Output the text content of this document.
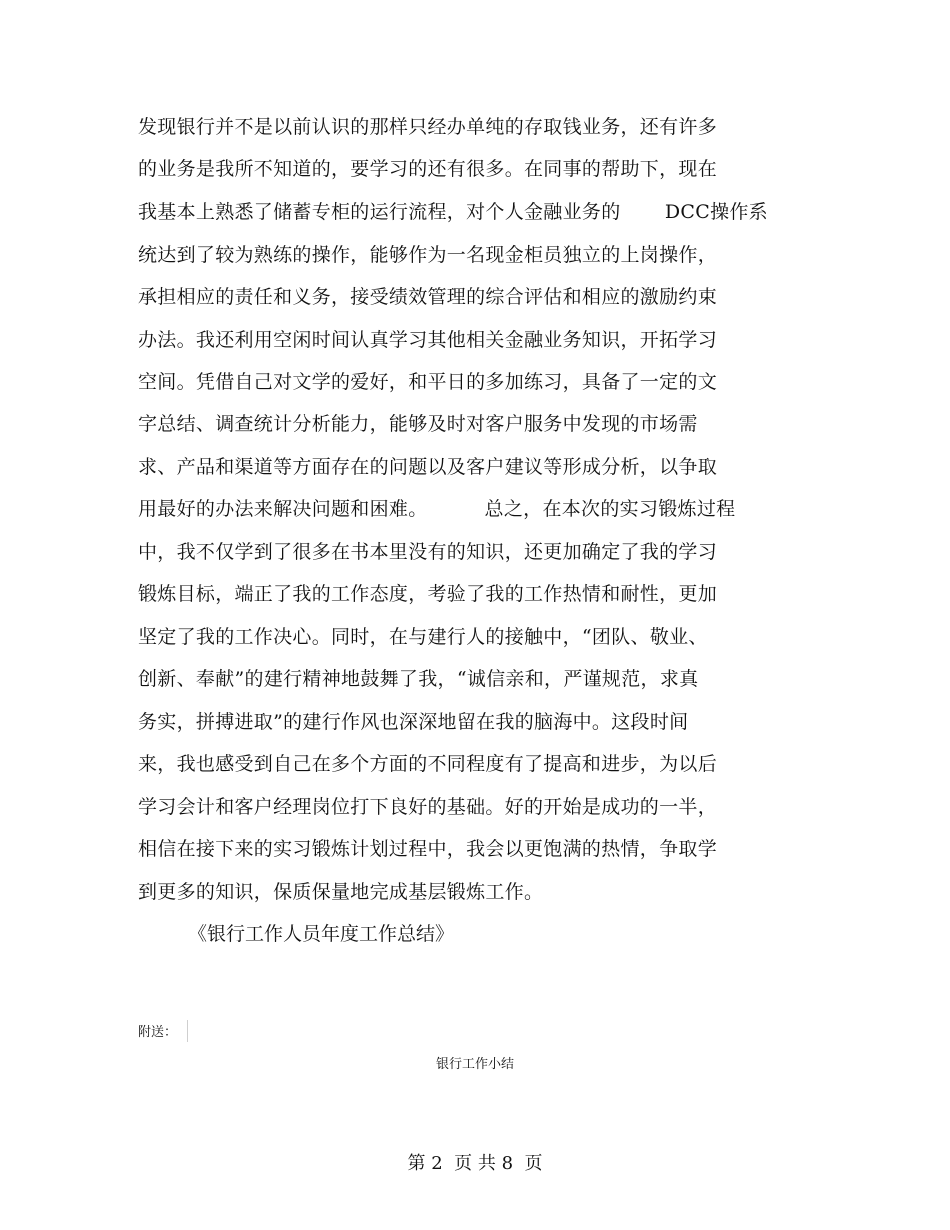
发现银行并不是以前认识的那样只经办单纯的存取钱业务，还有许多
的业务是我所不知道的，要学习的还有很多。在同事的帮助下，现在
我基本上熟悉了储蓄专柜的运行流程，对个人金融业务的       DCC操作系
统达到了较为熟练的操作，能够作为一名现金柜员独立的上岗操作，
承担相应的责任和义务，接受绩效管理的综合评估和相应的激励约束
办法。我还利用空闲时间认真学习其他相关金融业务知识，开拓学习
空间。凭借自己对文学的爱好，和平日的多加练习，具备了一定的文
字总结、调查统计分析能力，能够及时对客户服务中发现的市场需
求、产品和渠道等方面存在的问题以及客户建议等形成分析，以争取
用最好的办法来解决问题和困难。         总之，在本次的实习锻炼过程
中，我不仅学到了很多在书本里没有的知识，还更加确定了我的学习
锻炼目标，端正了我的工作态度，考验了我的工作热情和耐性，更加
坚定了我的工作决心。同时，在与建行人的接触中，“团队、敬业、
创新、奉献”的建行精神地鼓舞了我，“诚信亲和，严谨规范，求真
务实，拼搏进取”的建行作风也深深地留在我的脑海中。这段时间
来，我也感受到自己在多个方面的不同程度有了提高和进步，为以后
学习会计和客户经理岗位打下良好的基础。好的开始是成功的一半，
相信在接下来的实习锻炼计划过程中，我会以更饱满的热情，争取学
到更多的知识，保质保量地完成基层锻炼工作。
《银行工作人员年度工作总结》
附送：
银行工作小结
第 2  页 共 8  页
